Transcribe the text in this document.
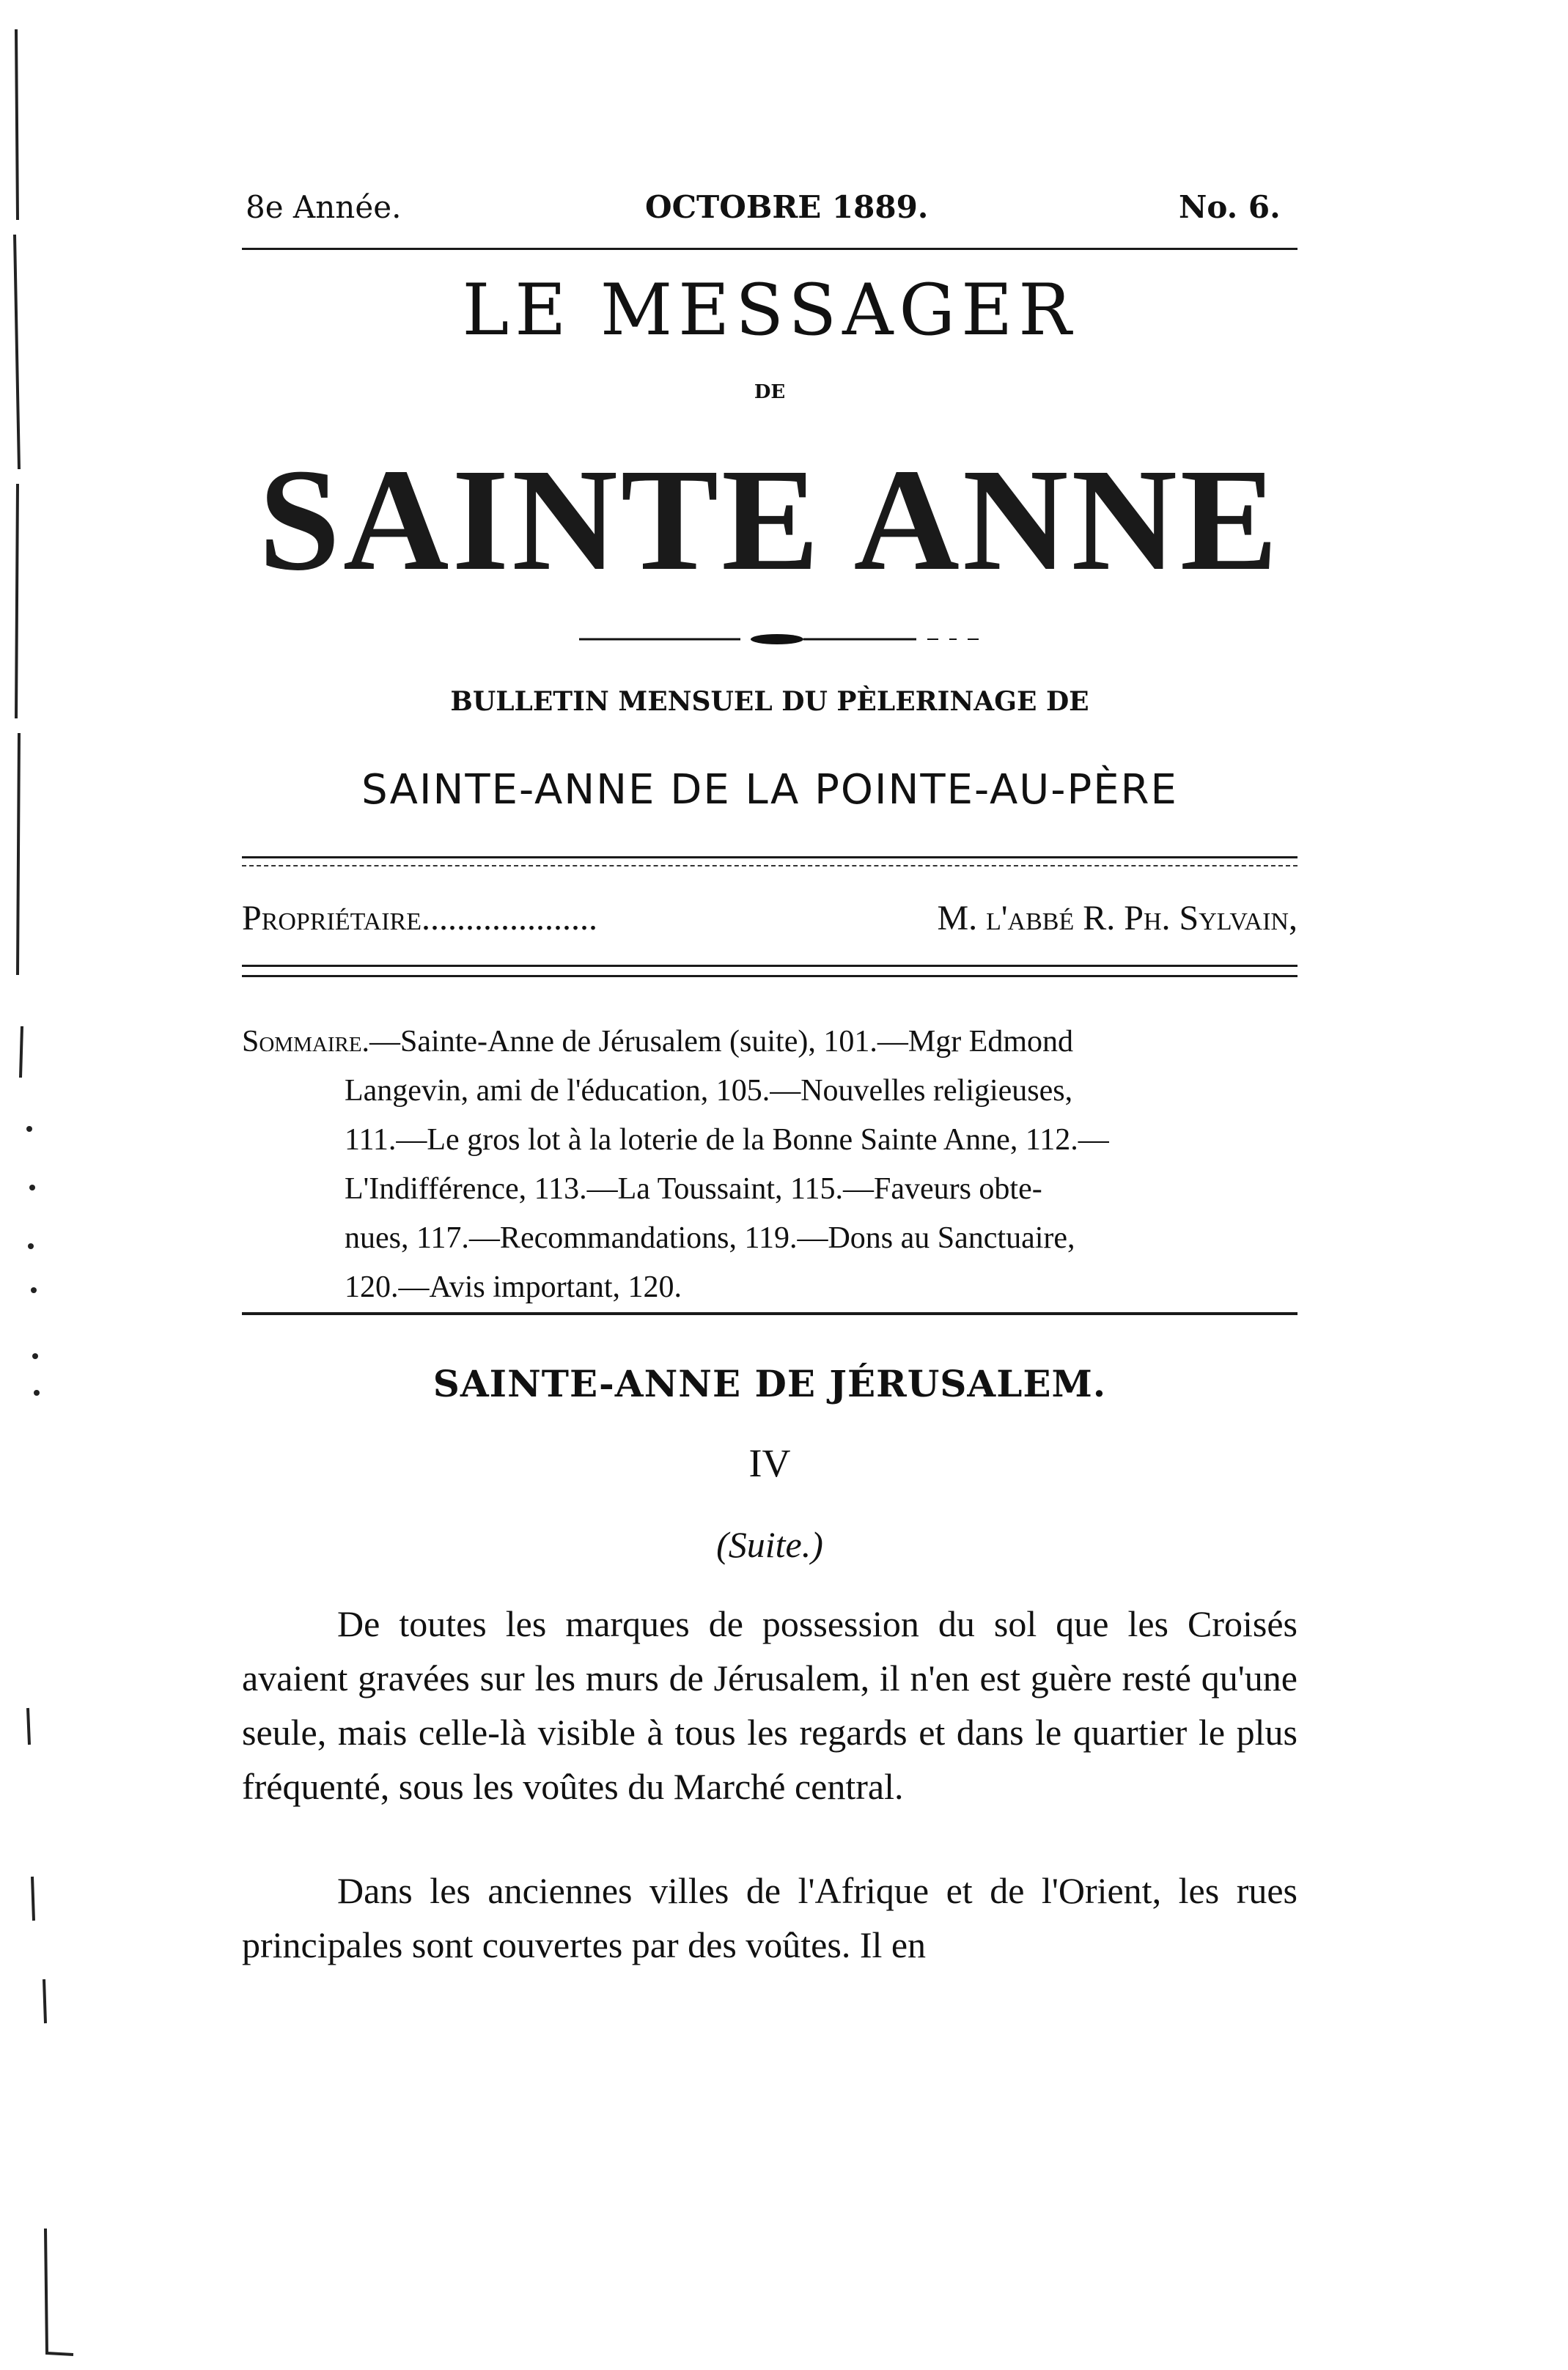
8e Année.	OCTOBRE 1889.	No. 6.
LE MESSAGER
DE
SAINTE ANNE
BULLETIN MENSUEL DU PÈLERINAGE DE
SAINTE-ANNE DE LA POINTE-AU-PÈRE
Propriétaire....................	M. l'abbé R. Ph. Sylvain,
Sommaire.—Sainte-Anne de Jérusalem (suite), 101.—Mgr Edmond
Langevin, ami de l'éducation, 105.—Nouvelles religieuses,
111.—Le gros lot à la loterie de la Bonne Sainte Anne, 112.—
L'Indifférence, 113.—La Toussaint, 115.—Faveurs obte-
nues, 117.—Recommandations, 119.—Dons au Sanctuaire,
120.—Avis important, 120.
SAINTE-ANNE DE JÉRUSALEM.
IV
(Suite.)

De toutes les marques de possession du sol que les Croisés avaient gravées sur les murs de Jérusalem, il n'en est guère resté qu'une seule, mais celle-là visible à tous les regards et dans le quartier le plus fréquenté, sous les voûtes du Marché central.

Dans les anciennes villes de l'Afrique et de l'Orient, les rues principales sont couvertes par des voûtes. Il en
